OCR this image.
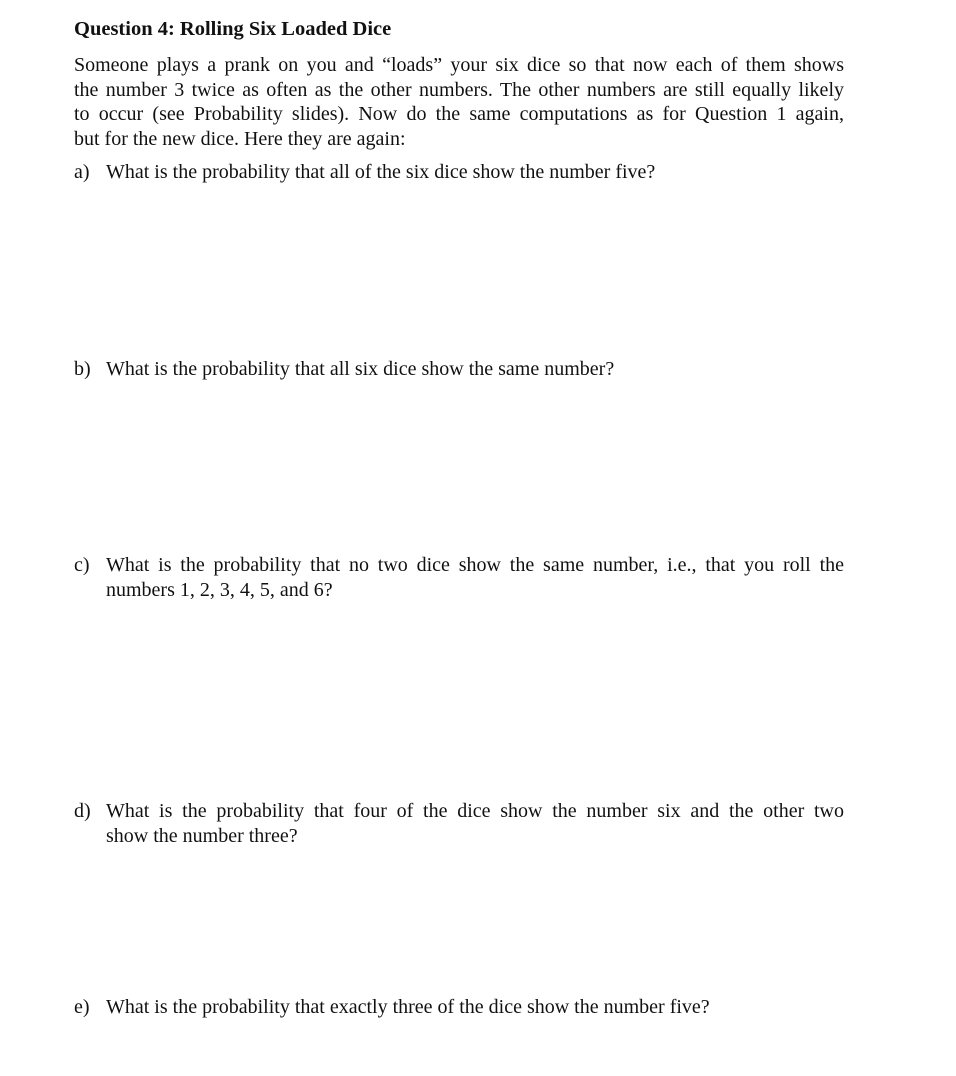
Question 4: Rolling Six Loaded Dice
Someone plays a prank on you and “loads” your six dice so that now each of them shows
the number 3 twice as often as the other numbers. The other numbers are still equally likely
to occur (see Probability slides). Now do the same computations as for Question 1 again,
but for the new dice. Here they are again:
a) What is the probability that all of the six dice show the number five?
b) What is the probability that all six dice show the same number?
c) What is the probability that no two dice show the same number, i.e., that you roll the
numbers 1, 2, 3, 4, 5, and 6?
d) What is the probability that four of the dice show the number six and the other two
show the number three?
e) What is the probability that exactly three of the dice show the number five?
